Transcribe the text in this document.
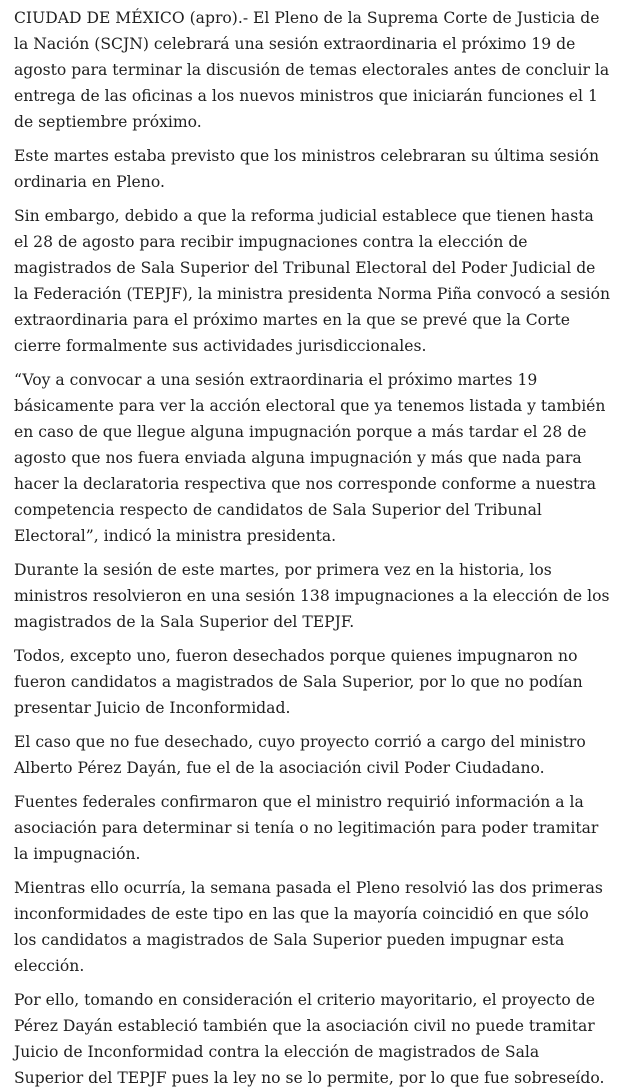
CIUDAD DE MÉXICO (apro).- El Pleno de la Suprema Corte de Justicia de la Nación (SCJN) celebrará una sesión extraordinaria el próximo 19 de agosto para terminar la discusión de temas electorales antes de concluir la entrega de las oficinas a los nuevos ministros que iniciarán funciones el 1 de septiembre próximo.

Este martes estaba previsto que los ministros celebraran su última sesión ordinaria en Pleno.

Sin embargo, debido a que la reforma judicial establece que tienen hasta el 28 de agosto para recibir impugnaciones contra la elección de magistrados de Sala Superior del Tribunal Electoral del Poder Judicial de la Federación (TEPJF), la ministra presidenta Norma Piña convocó a sesión extraordinaria para el próximo martes en la que se prevé que la Corte cierre formalmente sus actividades jurisdiccionales.

“Voy a convocar a una sesión extraordinaria el próximo martes 19 básicamente para ver la acción electoral que ya tenemos listada y también en caso de que llegue alguna impugnación porque a más tardar el 28 de agosto que nos fuera enviada alguna impugnación y más que nada para hacer la declaratoria respectiva que nos corresponde conforme a nuestra competencia respecto de candidatos de Sala Superior del Tribunal Electoral”, indicó la ministra presidenta.

Durante la sesión de este martes, por primera vez en la historia, los ministros resolvieron en una sesión 138 impugnaciones a la elección de los magistrados de la Sala Superior del TEPJF.

Todos, excepto uno, fueron desechados porque quienes impugnaron no fueron candidatos a magistrados de Sala Superior, por lo que no podían presentar Juicio de Inconformidad.

El caso que no fue desechado, cuyo proyecto corrió a cargo del ministro Alberto Pérez Dayán, fue el de la asociación civil Poder Ciudadano.

Fuentes federales confirmaron que el ministro requirió información a la asociación para determinar si tenía o no legitimación para poder tramitar la impugnación.

Mientras ello ocurría, la semana pasada el Pleno resolvió las dos primeras inconformidades de este tipo en las que la mayoría coincidió en que sólo los candidatos a magistrados de Sala Superior pueden impugnar esta elección.

Por ello, tomando en consideración el criterio mayoritario, el proyecto de Pérez Dayán estableció también que la asociación civil no puede tramitar Juicio de Inconformidad contra la elección de magistrados de Sala Superior del TEPJF pues la ley no se lo permite, por lo que fue sobreseído.
